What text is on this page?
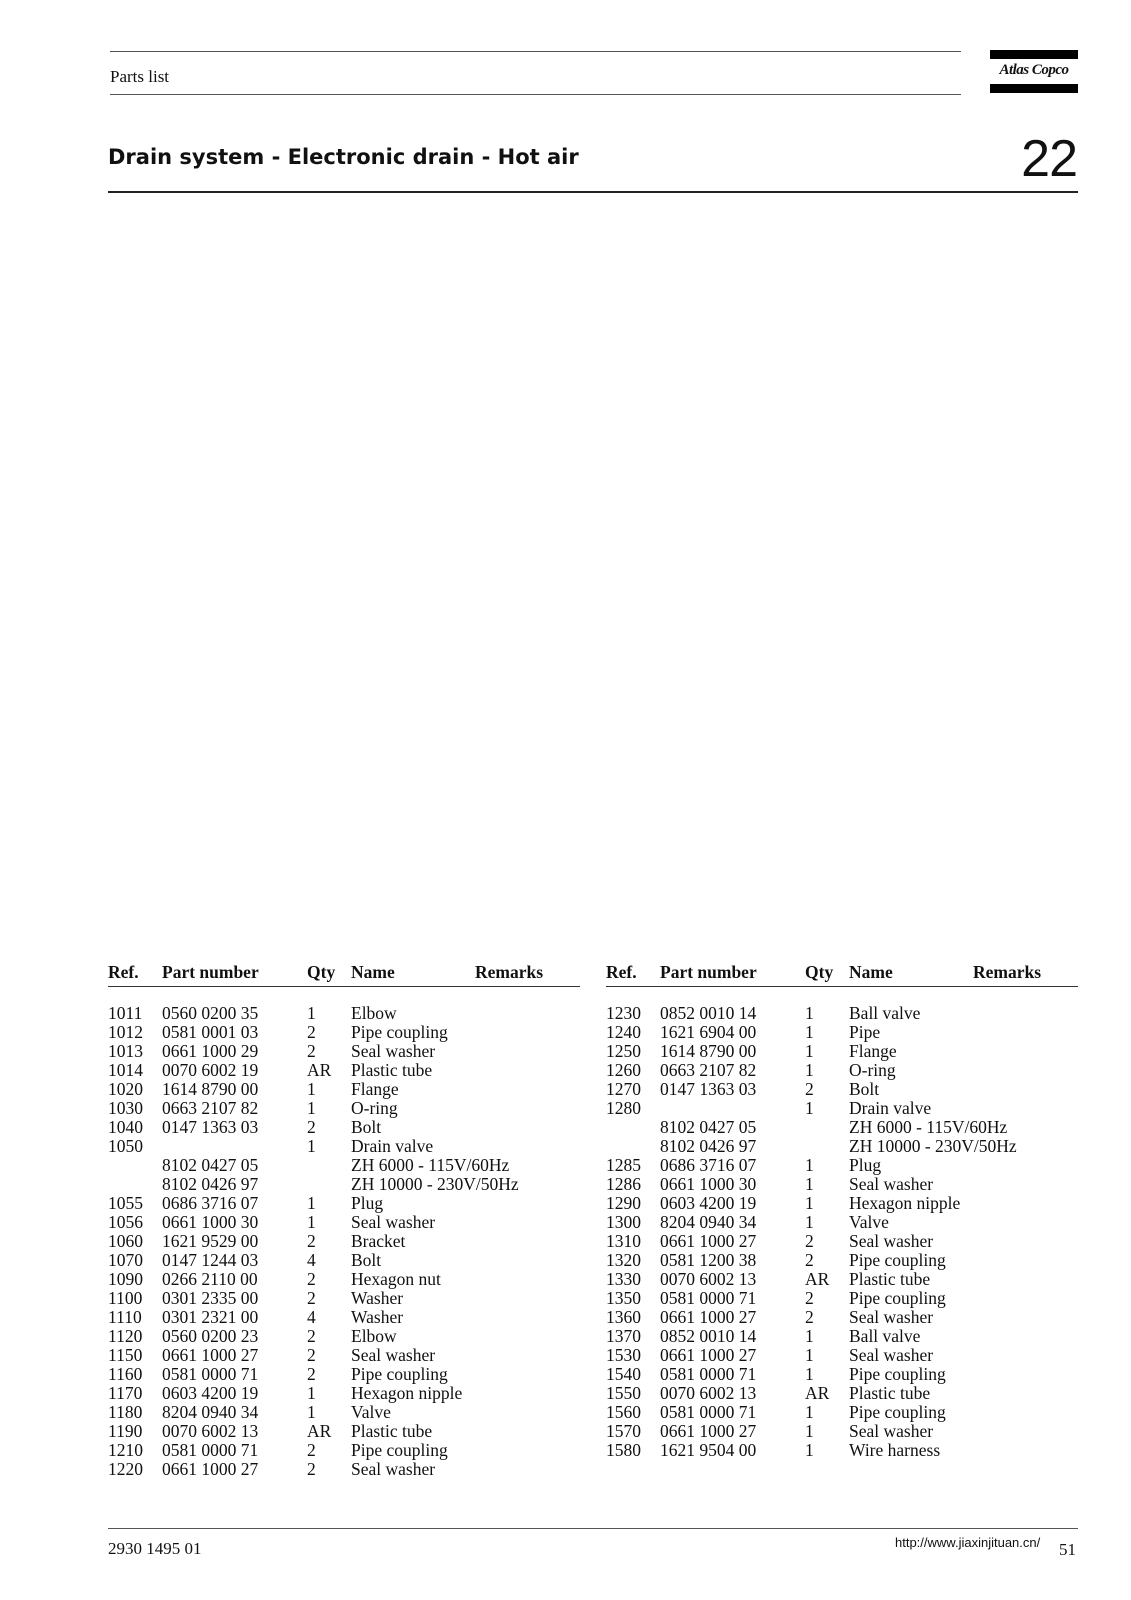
Parts list	Atlas Copco
Drain system - Electronic drain - Hot air	22
Ref. Part number	Qty Name	Remarks
1011 0560 0200 35	1 Elbow
1012 0581 0001 03	2 Pipe coupling
1013 0661 1000 29	2 Seal washer
1014 0070 6002 19	AR Plastic tube
1020 1614 8790 00	1 Flange
1030 0663 2107 82	1 O-ring
1040 0147 1363 03	2 Bolt
1050	1 Drain valve
8102 0427 05	ZH 6000 - 115V/60Hz
8102 0426 97	ZH 10000 - 230V/50Hz
1055 0686 3716 07	1 Plug
1056 0661 1000 30	1 Seal washer
1060 1621 9529 00	2 Bracket
1070 0147 1244 03	4 Bolt
1090 0266 2110 00	2 Hexagon nut
1100 0301 2335 00	2 Washer
1110 0301 2321 00	4 Washer
1120 0560 0200 23	2 Elbow
1150 0661 1000 27	2 Seal washer
1160 0581 0000 71	2 Pipe coupling
1170 0603 4200 19	1 Hexagon nipple
1180 8204 0940 34	1 Valve
1190 0070 6002 13	AR Plastic tube
1210 0581 0000 71	2 Pipe coupling
1220 0661 1000 27	2 Seal washer
Ref. Part number	Qty Name	Remarks
1230 0852 0010 14	1 Ball valve
1240 1621 6904 00	1 Pipe
1250 1614 8790 00	1 Flange
1260 0663 2107 82	1 O-ring
1270 0147 1363 03	2 Bolt
1280	1 Drain valve
8102 0427 05	ZH 6000 - 115V/60Hz
8102 0426 97	ZH 10000 - 230V/50Hz
1285 0686 3716 07	1 Plug
1286 0661 1000 30	1 Seal washer
1290 0603 4200 19	1 Hexagon nipple
1300 8204 0940 34	1 Valve
1310 0661 1000 27	2 Seal washer
1320 0581 1200 38	2 Pipe coupling
1330 0070 6002 13	AR Plastic tube
1350 0581 0000 71	2 Pipe coupling
1360 0661 1000 27	2 Seal washer
1370 0852 0010 14	1 Ball valve
1530 0661 1000 27	1 Seal washer
1540 0581 0000 71	1 Pipe coupling
1550 0070 6002 13	AR Plastic tube
1560 0581 0000 71	1 Pipe coupling
1570 0661 1000 27	1 Seal washer
1580 1621 9504 00	1 Wire harness
2930 1495 01	http://www.jiaxinjituan.cn/ 51
